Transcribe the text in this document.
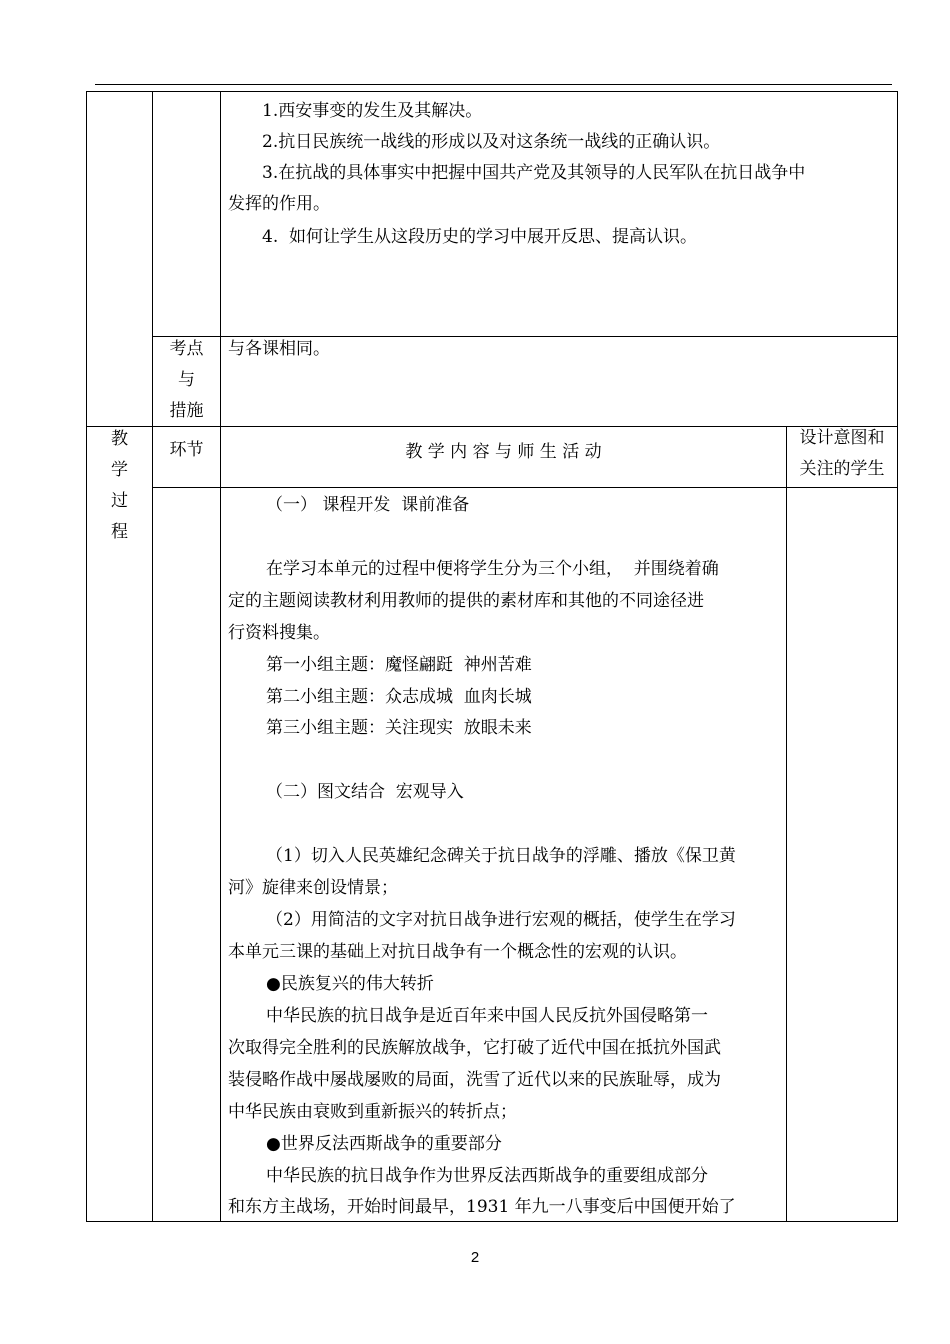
1.西安事变的发生及其解决。
2.抗日民族统一战线的形成以及对这条统一战线的正确认识。
3.在抗战的具体事实中把握中国共产党及其领导的人民军队在抗日战争中
发挥的作用。
4.  如何让学生从这段历史的学习中展开反思、提高认识。
考点
与
措施
与各课相同。
教
学
过
程
环节	教 学 内 容 与 师 生 活 动
设计意图和
关注的学生
（一） 课程开发  课前准备
在学习本单元的过程中便将学生分为三个小组，  并围绕着确
定的主题阅读教材利用教师的提供的素材库和其他的不同途径进
行资料搜集。
第一小组主题：魔怪翩跹  神州苦难
第二小组主题：众志成城  血肉长城
第三小组主题：关注现实  放眼未来
（二）图文结合  宏观导入
（1）切入人民英雄纪念碑关于抗日战争的浮雕、播放《保卫黄
河》旋律来创设情景；
（2）用简洁的文字对抗日战争进行宏观的概括，使学生在学习
本单元三课的基础上对抗日战争有一个概念性的宏观的认识。
●民族复兴的伟大转折
中华民族的抗日战争是近百年来中国人民反抗外国侵略第一
次取得完全胜利的民族解放战争，它打破了近代中国在抵抗外国武
装侵略作战中屡战屡败的局面，洗雪了近代以来的民族耻辱，成为
中华民族由衰败到重新振兴的转折点；
●世界反法西斯战争的重要部分
中华民族的抗日战争作为世界反法西斯战争的重要组成部分
和东方主战场，开始时间最早，1931 年九一八事变后中国便开始了
2
